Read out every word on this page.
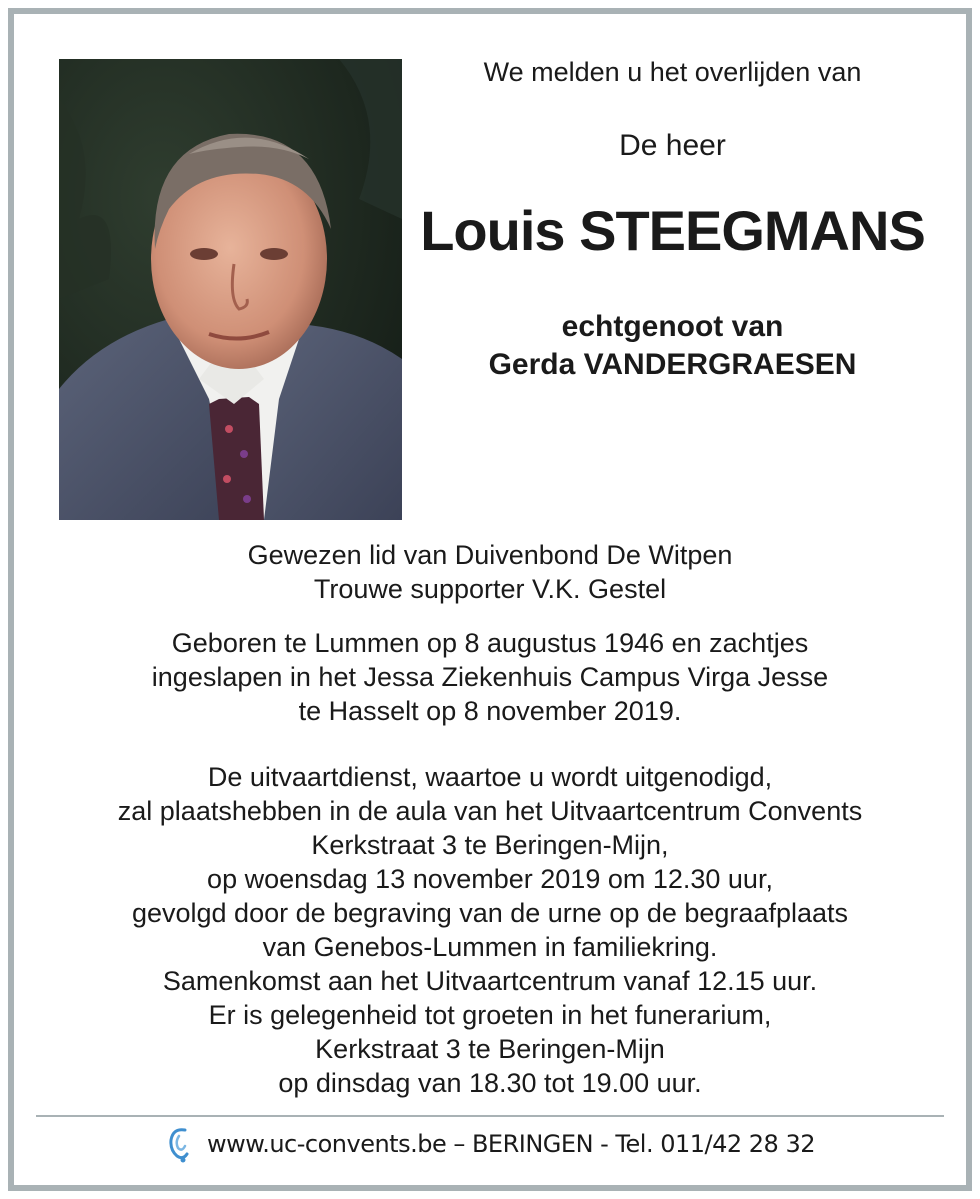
We melden u het overlijden van
De heer
Louis STEEGMANS
echtgenoot van
Gerda VANDERGRAESEN
Gewezen lid van Duivenbond De Witpen
Trouwe supporter V.K. Gestel
Geboren te Lummen op 8 augustus 1946 en zachtjes
ingeslapen in het Jessa Ziekenhuis Campus Virga Jesse
te Hasselt op 8 november 2019.
De uitvaartdienst, waartoe u wordt uitgenodigd,
zal plaatshebben in de aula van het Uitvaartcentrum Convents
Kerkstraat 3 te Beringen-Mijn,
op woensdag 13 november 2019 om 12.30 uur,
gevolgd door de begraving van de urne op de begraafplaats
van Genebos-Lummen in familiekring.
Samenkomst aan het Uitvaartcentrum vanaf 12.15 uur.
Er is gelegenheid tot groeten in het funerarium,
Kerkstraat 3 te Beringen-Mijn
op dinsdag van 18.30 tot 19.00 uur.
www.uc-convents.be – BERINGEN - Tel. 011/42 28 32
